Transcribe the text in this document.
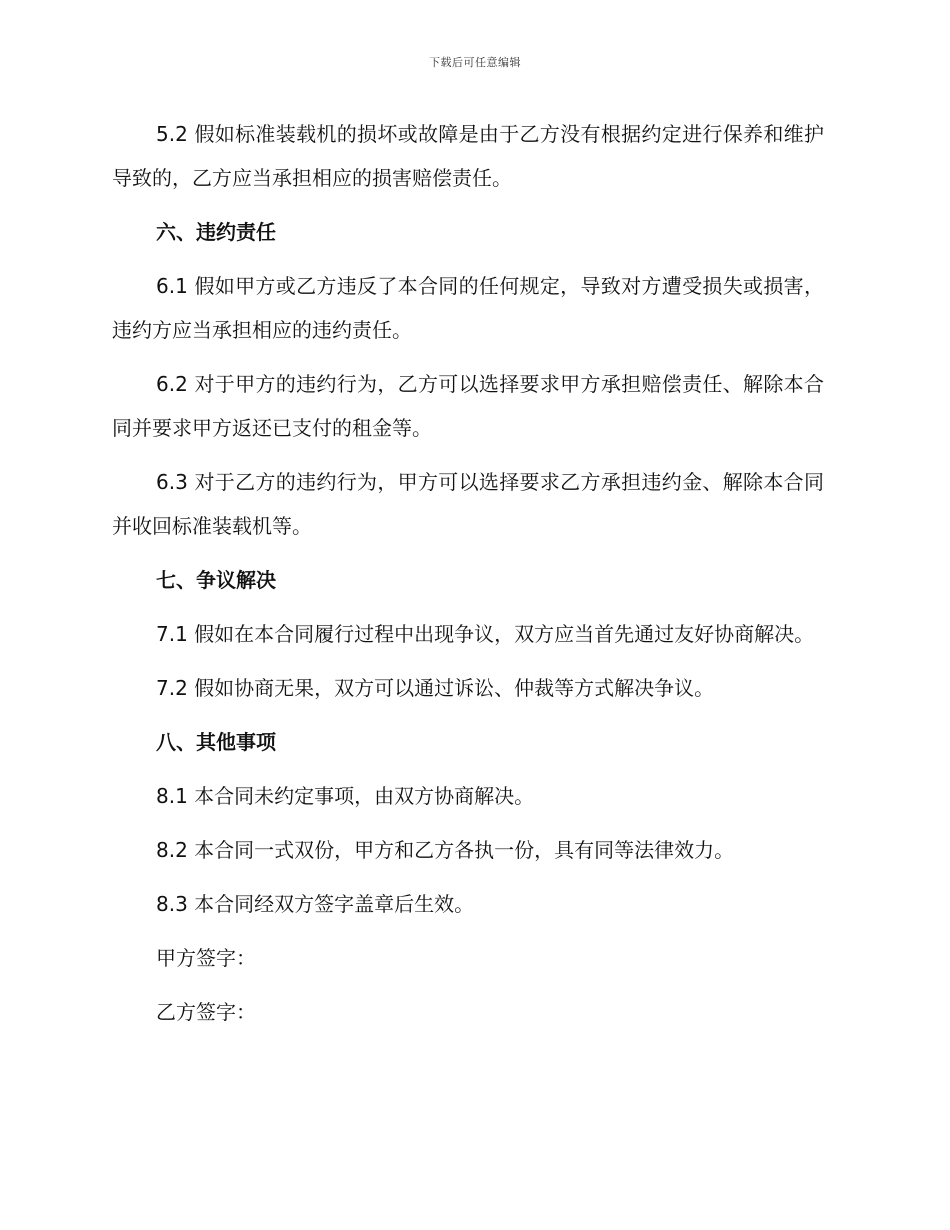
下载后可任意编辑

5.2 假如标准装载机的损坏或故障是由于乙方没有根据约定进行保养和维护导致的，乙方应当承担相应的损害赔偿责任。

六、违约责任

6.1 假如甲方或乙方违反了本合同的任何规定，导致对方遭受损失或损害，违约方应当承担相应的违约责任。

6.2 对于甲方的违约行为，乙方可以选择要求甲方承担赔偿责任、解除本合同并要求甲方返还已支付的租金等。

6.3 对于乙方的违约行为，甲方可以选择要求乙方承担违约金、解除本合同并收回标准装载机等。

七、争议解决

7.1 假如在本合同履行过程中出现争议，双方应当首先通过友好协商解决。

7.2 假如协商无果，双方可以通过诉讼、仲裁等方式解决争议。

八、其他事项

8.1 本合同未约定事项，由双方协商解决。

8.2 本合同一式双份，甲方和乙方各执一份，具有同等法律效力。

8.3 本合同经双方签字盖章后生效。

甲方签字：

乙方签字：
